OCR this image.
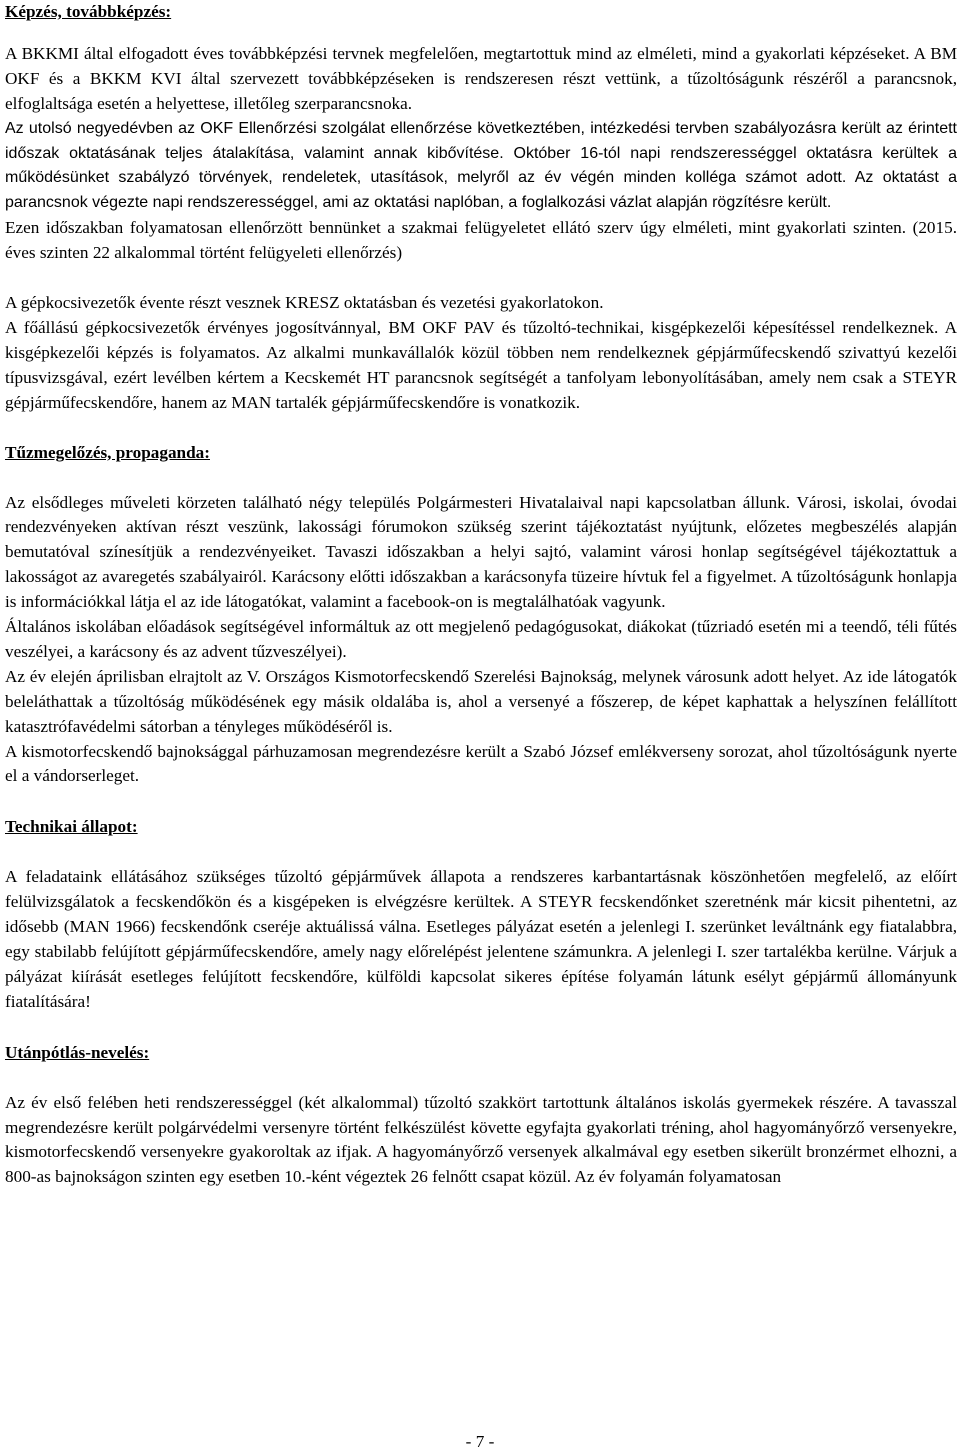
Képzés, továbbképzés:

A BKKMI által elfogadott éves továbbképzési tervnek megfelelően, megtartottuk mind az elméleti, mind a gyakorlati képzéseket. A BM OKF és a BKKM KVI által szervezett továbbképzéseken is rendszeresen részt vettünk, a tűzoltóságunk részéről a parancsnok, elfoglaltsága esetén a helyettese, illetőleg szerparancsnoka.

Az utolsó negyedévben az OKF Ellenőrzési szolgálat ellenőrzése következtében, intézkedési tervben szabályozásra került az érintett időszak oktatásának teljes átalakítása, valamint annak kibővítése. Október 16-tól napi rendszerességgel oktatásra kerültek a működésünket szabályzó törvények, rendeletek, utasítások, melyről az év végén minden kolléga számot adott. Az oktatást a parancsnok végezte napi rendszerességgel, ami az oktatási naplóban, a foglalkozási vázlat alapján rögzítésre került.

Ezen időszakban folyamatosan ellenőrzött bennünket a szakmai felügyeletet ellátó szerv úgy elméleti, mint gyakorlati szinten. (2015. éves szinten 22 alkalommal történt felügyeleti ellenőrzés)

A gépkocsivezetők évente részt vesznek KRESZ oktatásban és vezetési gyakorlatokon.

A főállású gépkocsivezetők érvényes jogosítvánnyal, BM OKF PAV és tűzoltó-technikai, kisgépkezelői képesítéssel rendelkeznek. A kisgépkezelői képzés is folyamatos. Az alkalmi munkavállalók közül többen nem rendelkeznek gépjárműfecskendő szivattyú kezelői típusvizsgával, ezért levélben kértem a Kecskemét HT parancsnok segítségét a tanfolyam lebonyolításában, amely nem csak a STEYR gépjárműfecskendőre, hanem az MAN tartalék gépjárműfecskendőre is vonatkozik.

Tűzmegelőzés, propaganda:

Az elsődleges műveleti körzeten található négy település Polgármesteri Hivatalaival napi kapcsolatban állunk. Városi, iskolai, óvodai rendezvényeken aktívan részt veszünk, lakossági fórumokon szükség szerint tájékoztatást nyújtunk, előzetes megbeszélés alapján bemutatóval színesítjük a rendezvényeiket. Tavaszi időszakban a helyi sajtó, valamint városi honlap segítségével tájékoztattuk a lakosságot az avaregetés szabályairól. Karácsony előtti időszakban a karácsonyfa tüzeire hívtuk fel a figyelmet. A tűzoltóságunk honlapja is információkkal látja el az ide látogatókat, valamint a facebook-on is megtalálhatóak vagyunk.

Általános iskolában előadások segítségével informáltuk az ott megjelenő pedagógusokat, diákokat (tűzriadó esetén mi a teendő, téli fűtés veszélyei, a karácsony és az advent tűzveszélyei).

Az év elején áprilisban elrajtolt az V. Országos Kismotorfecskendő Szerelési Bajnokság, melynek városunk adott helyet. Az ide látogatók beleláthattak a tűzoltóság működésének egy másik oldalába is, ahol a versenyé a főszerep, de képet kaphattak a helyszínen felállított katasztrófavédelmi sátorban a tényleges működéséről is.

A kismotorfecskendő bajnoksággal párhuzamosan megrendezésre került a Szabó József emlékverseny sorozat, ahol tűzoltóságunk nyerte el a vándorserleget.

Technikai állapot:

A feladataink ellátásához szükséges tűzoltó gépjárművek állapota a rendszeres karbantartásnak köszönhetően megfelelő, az előírt felülvizsgálatok a fecskendőkön és a kisgépeken is elvégzésre kerültek. A STEYR fecskendőnket szeretnénk már kicsit pihentetni, az idősebb (MAN 1966) fecskendőnk cseréje aktuálissá válna. Esetleges pályázat esetén a jelenlegi I. szerünket leváltnánk egy fiatalabbra, egy stabilabb felújított gépjárműfecskendőre, amely nagy előrelépést jelentene számunkra. A jelenlegi I. szer tartalékba kerülne. Várjuk a pályázat kiírását esetleges felújított fecskendőre, külföldi kapcsolat sikeres építése folyamán látunk esélyt gépjármű állományunk fiatalítására!

Utánpótlás-nevelés:

Az év első felében heti rendszerességgel (két alkalommal) tűzoltó szakkört tartottunk általános iskolás gyermekek részére. A tavasszal megrendezésre került polgárvédelmi versenyre történt felkészülést követte egyfajta gyakorlati tréning, ahol hagyományőrző versenyekre, kismotorfecskendő versenyekre gyakoroltak az ifjak. A hagyományőrző versenyek alkalmával egy esetben sikerült bronzérmet elhozni, a 800-as bajnokságon szinten egy esetben 10.-ként végeztek 26 felnőtt csapat közül. Az év folyamán folyamatosan

- 7 -
